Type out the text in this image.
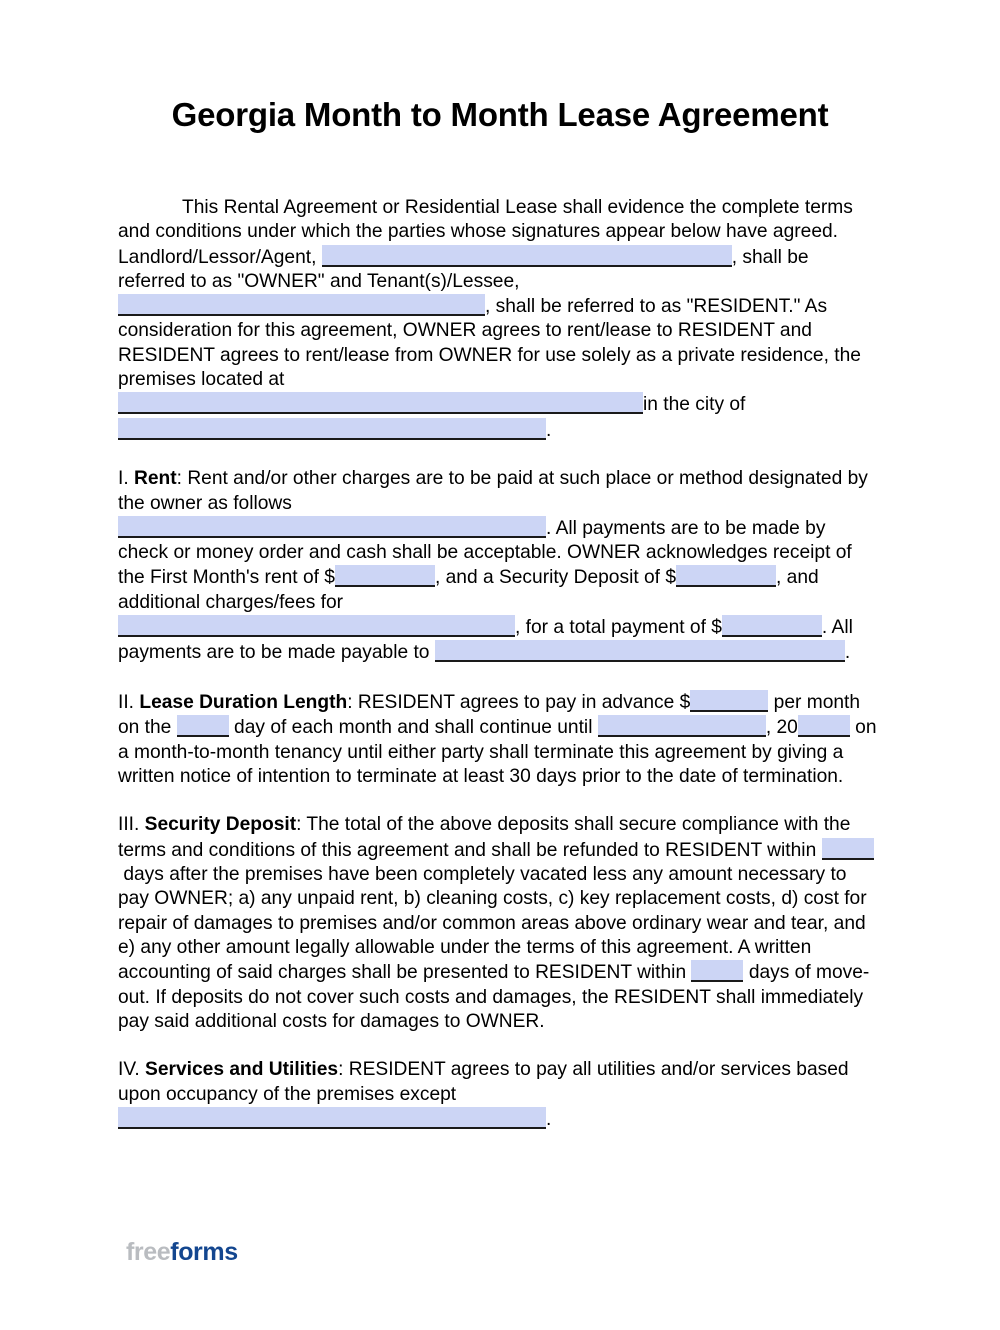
Georgia Month to Month Lease Agreement

This Rental Agreement or Residential Lease shall evidence the complete terms and conditions under which the parties whose signatures appear below have agreed. Landlord/Lessor/Agent,	, shall be referred to as "OWNER" and Tenant(s)/Lessee,
, shall be referred to as "RESIDENT." As consideration for this agreement, OWNER agrees to rent/lease to RESIDENT and RESIDENT agrees to rent/lease from OWNER for use solely as a private residence, the premises located at
in the city of
.

I. Rent: Rent and/or other charges are to be paid at such place or method designated by the owner as follows
. All payments are to be made by check or money order and cash shall be acceptable. OWNER acknowledges receipt of the First Month's rent of $	, and a Security Deposit of $	, and additional charges/fees for
, for a total payment of $	. All payments are to be made payable to	.

II. Lease Duration Length: RESIDENT agrees to pay in advance $	per month on the	day of each month and shall continue until	, 20	on a month-to-month tenancy until either party shall terminate this agreement by giving a written notice of intention to terminate at least 30 days prior to the date of termination.

III. Security Deposit: The total of the above deposits shall secure compliance with the terms and conditions of this agreement and shall be refunded to RESIDENT within  days after the premises have been completely vacated less any amount necessary to pay OWNER; a) any unpaid rent, b) cleaning costs, c) key replacement costs, d) cost for repair of damages to premises and/or common areas above ordinary wear and tear, and e) any other amount legally allowable under the terms of this agreement. A written accounting of said charges shall be presented to RESIDENT within	days of move-out. If deposits do not cover such costs and damages, the RESIDENT shall immediately pay said additional costs for damages to OWNER.

IV. Services and Utilities: RESIDENT agrees to pay all utilities and/or services based upon occupancy of the premises except
.

freeforms
